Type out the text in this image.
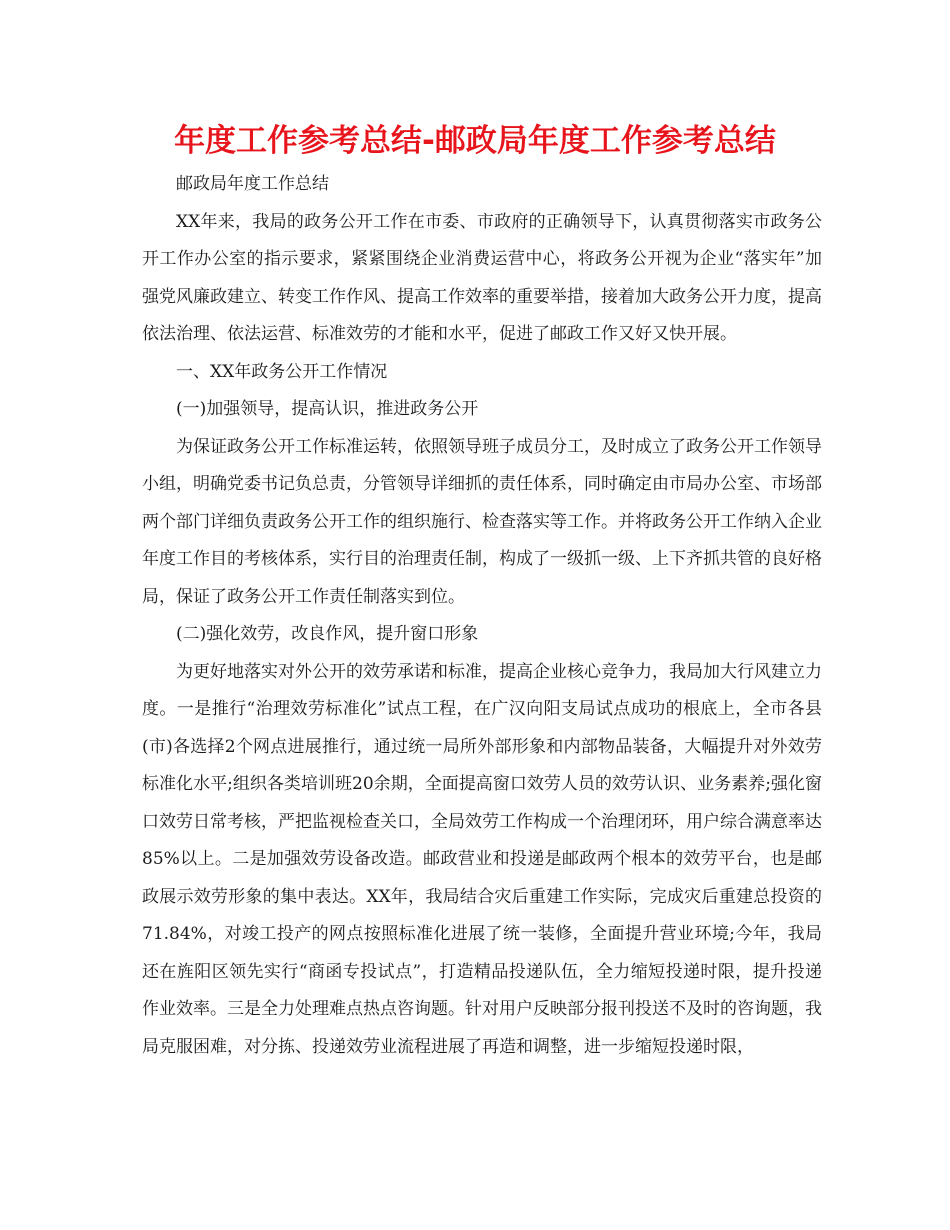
年度工作参考总结-邮政局年度工作参考总结

邮政局年度工作总结

XX年来，我局的政务公开工作在市委、市政府的正确领导下，认真贯彻落实市政务公开工作办公室的指示要求，紧紧围绕企业消费运营中心，将政务公开视为企业“落实年”加强党风廉政建立、转变工作作风、提高工作效率的重要举措，接着加大政务公开力度，提高依法治理、依法运营、标准效劳的才能和水平，促进了邮政工作又好又快开展。

一、XX年政务公开工作情况

(一)加强领导，提高认识，推进政务公开

为保证政务公开工作标准运转，依照领导班子成员分工，及时成立了政务公开工作领导小组，明确党委书记负总责，分管领导详细抓的责任体系，同时确定由市局办公室、市场部两个部门详细负责政务公开工作的组织施行、检查落实等工作。并将政务公开工作纳入企业年度工作目的考核体系，实行目的治理责任制，构成了一级抓一级、上下齐抓共管的良好格局，保证了政务公开工作责任制落实到位。

(二)强化效劳，改良作风，提升窗口形象

为更好地落实对外公开的效劳承诺和标准，提高企业核心竞争力，我局加大行风建立力度。一是推行“治理效劳标准化”试点工程，在广汉向阳支局试点成功的根底上，全市各县(市)各选择2个网点进展推行，通过统一局所外部形象和内部物品装备，大幅提升对外效劳标准化水平;组织各类培训班20余期，全面提高窗口效劳人员的效劳认识、业务素养;强化窗口效劳日常考核，严把监视检查关口，全局效劳工作构成一个治理闭环，用户综合满意率达85%以上。二是加强效劳设备改造。邮政营业和投递是邮政两个根本的效劳平台，也是邮政展示效劳形象的集中表达。XX年，我局结合灾后重建工作实际，完成灾后重建总投资的71.84%，对竣工投产的网点按照标准化进展了统一装修，全面提升营业环境;今年，我局还在旌阳区领先实行“商函专投试点”，打造精品投递队伍，全力缩短投递时限，提升投递作业效率。三是全力处理难点热点咨询题。针对用户反映部分报刊投送不及时的咨询题，我局克服困难，对分拣、投递效劳业流程进展了再造和调整，进一步缩短投递时限，
